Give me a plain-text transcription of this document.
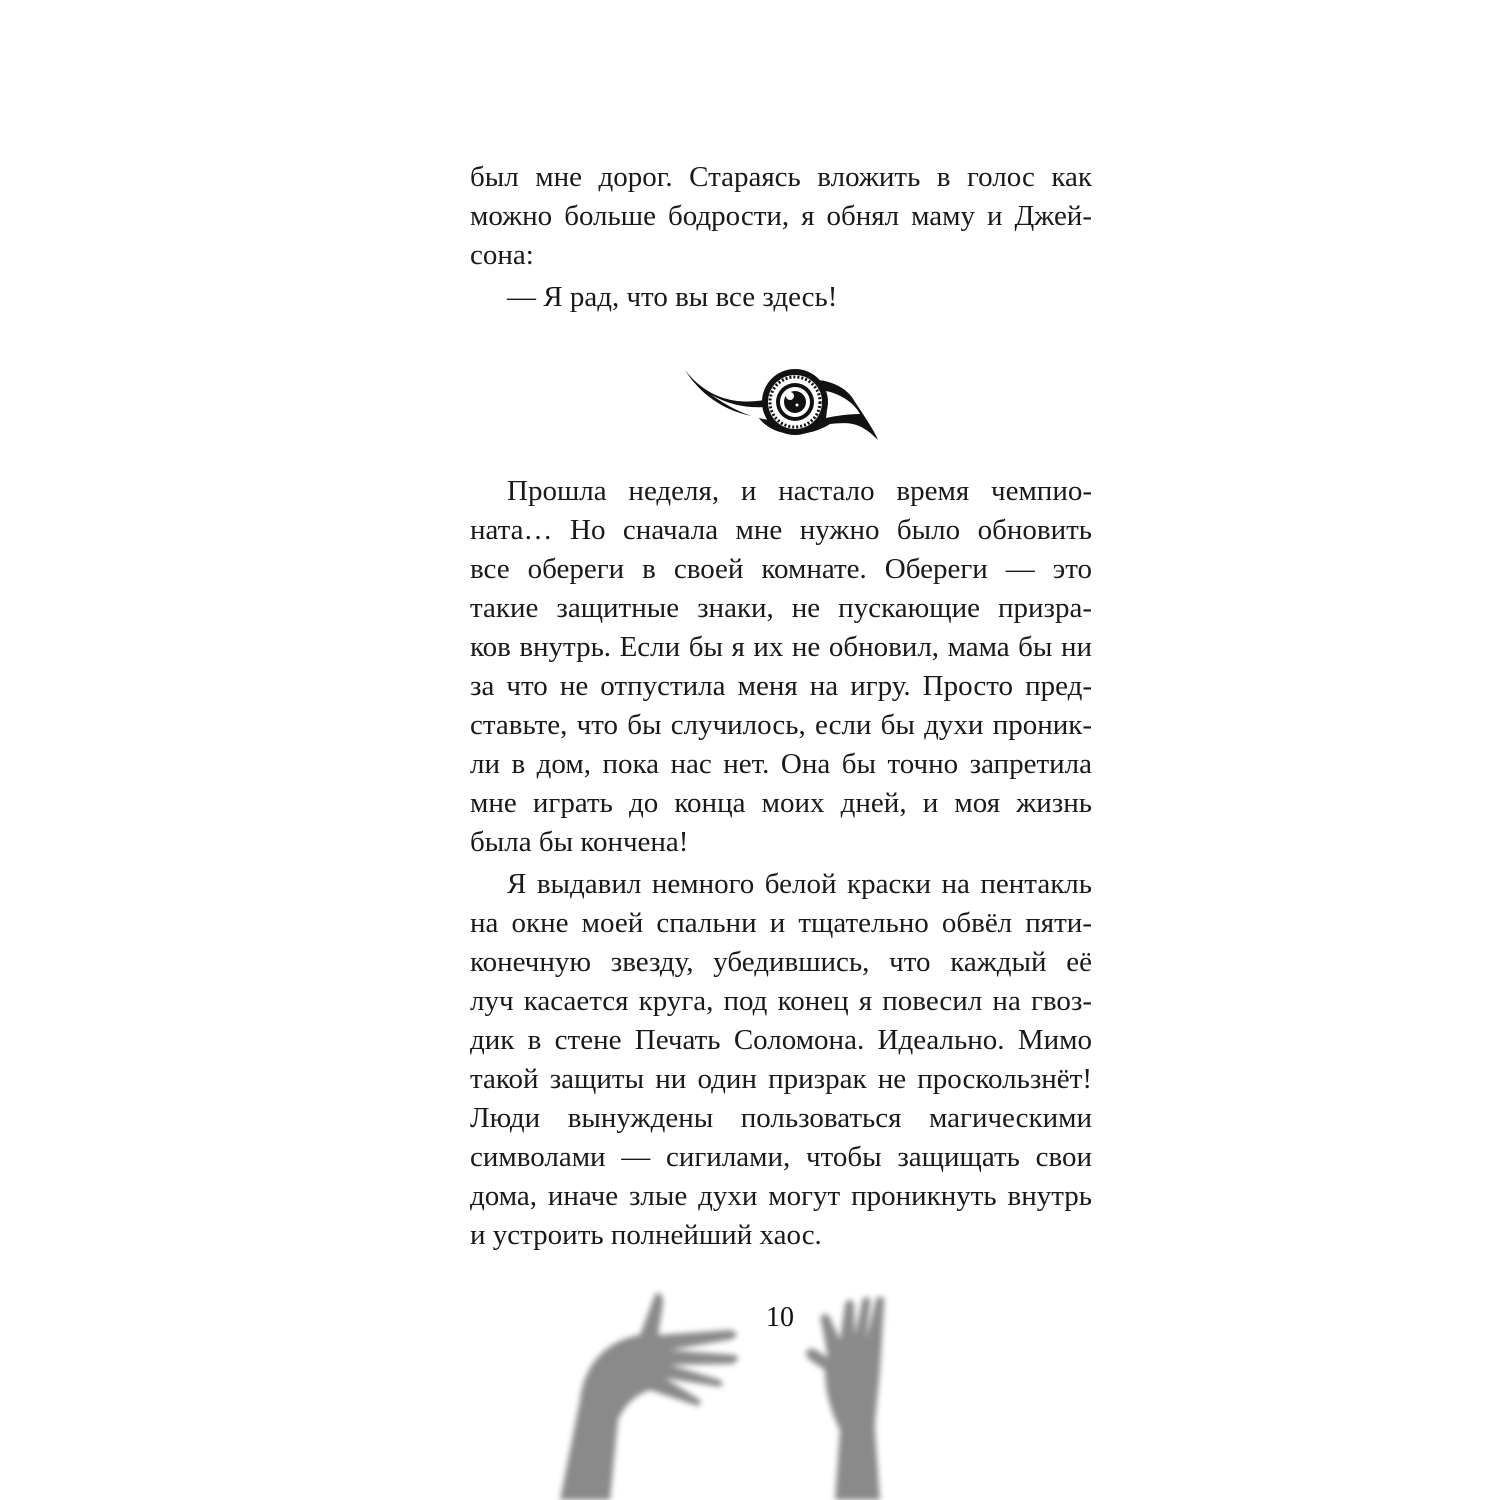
был мне дорог. Стараясь вложить в голос как
можно больше бодрости, я обнял маму и Джей-
сона:
— Я рад, что вы все здесь!
Прошла неделя, и настало время чемпио-
ната… Но сначала мне нужно было обновить
все обереги в своей комнате. Обереги — это
такие защитные знаки, не пускающие призра-
ков внутрь. Если бы я их не обновил, мама бы ни
за что не отпустила меня на игру. Просто пред-
ставьте, что бы случилось, если бы духи проник-
ли в дом, пока нас нет. Она бы точно запретила
мне играть до конца моих дней, и моя жизнь
была бы кончена!
Я выдавил немного белой краски на пентакль
на окне моей спальни и тщательно обвёл пяти-
конечную звезду, убедившись, что каждый её
луч касается круга, под конец я повесил на гвоз-
дик в стене Печать Соломона. Идеально. Мимо
такой защиты ни один призрак не проскользнёт!
Люди вынуждены пользоваться магическими
символами — сигилами, чтобы защищать свои
дома, иначе злые духи могут проникнуть внутрь
и устроить полнейший хаос.
10
